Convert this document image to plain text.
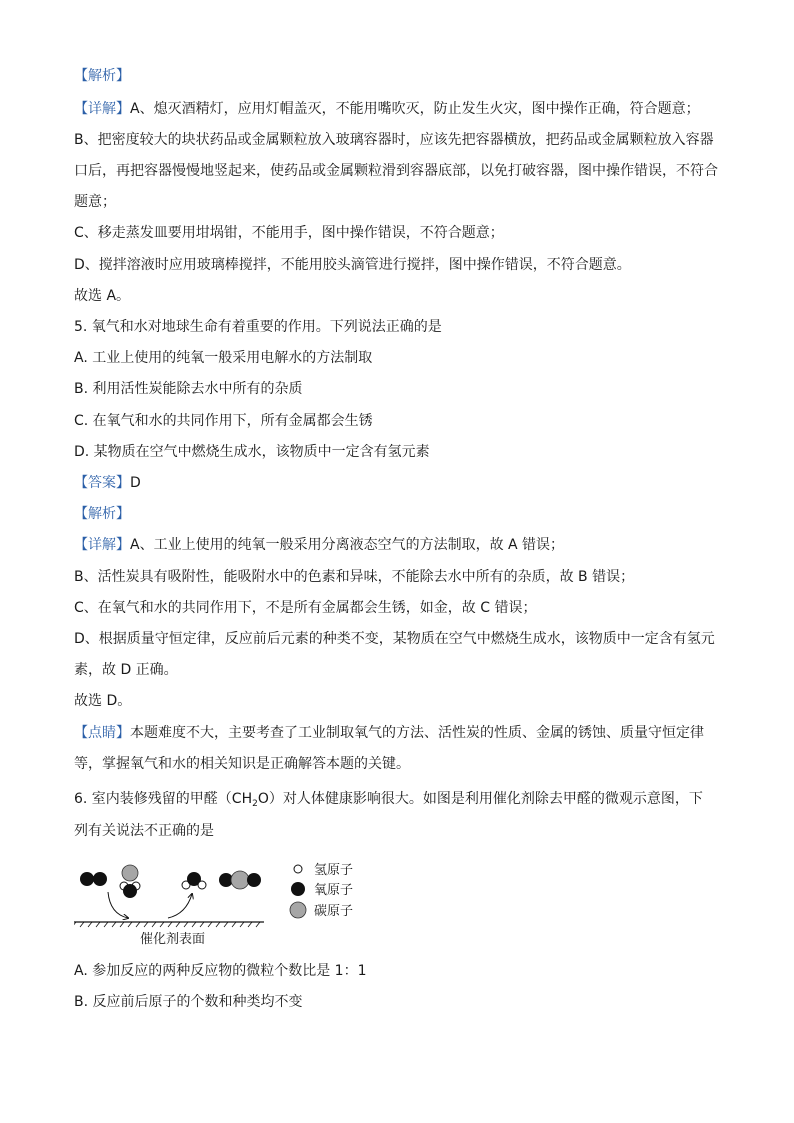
【解析】
【详解】A、熄灭酒精灯，应用灯帽盖灭，不能用嘴吹灭，防止发生火灾，图中操作正确，符合题意；
B、把密度较大的块状药品或金属颗粒放入玻璃容器时，应该先把容器横放，把药品或金属颗粒放入容器
口后，再把容器慢慢地竖起来，使药品或金属颗粒滑到容器底部，以免打破容器，图中操作错误，不符合
题意；
C、移走蒸发皿要用坩埚钳，不能用手，图中操作错误，不符合题意；
D、搅拌溶液时应用玻璃棒搅拌，不能用胶头滴管进行搅拌，图中操作错误，不符合题意。
故选 A。
5. 氧气和水对地球生命有着重要的作用。下列说法正确的是
A. 工业上使用的纯氧一般采用电解水的方法制取
B. 利用活性炭能除去水中所有的杂质
C. 在氧气和水的共同作用下，所有金属都会生锈
D. 某物质在空气中燃烧生成水，该物质中一定含有氢元素
【答案】D
【解析】
【详解】A、工业上使用的纯氧一般采用分离液态空气的方法制取，故 A 错误；
B、活性炭具有吸附性，能吸附水中的色素和异味，不能除去水中所有的杂质，故 B 错误；
C、在氧气和水的共同作用下，不是所有金属都会生锈，如金，故 C 错误；
D、根据质量守恒定律，反应前后元素的种类不变，某物质在空气中燃烧生成水，该物质中一定含有氢元
素，故 D 正确。
故选 D。
【点睛】本题难度不大，主要考查了工业制取氧气的方法、活性炭的性质、金属的锈蚀、质量守恒定律
等，掌握氧气和水的相关知识是正确解答本题的关键。
6. 室内装修残留的甲醛$(CH_2O)$对人体健康影响很大。如图是利用催化剂除去甲醛的微观示意图，下
列有关说法不正确的是
催化剂表面
氢原子
氧原子
碳原子
A. 参加反应的两种反应物的微粒个数比是 1：1
B. 反应前后原子的个数和种类均不变
